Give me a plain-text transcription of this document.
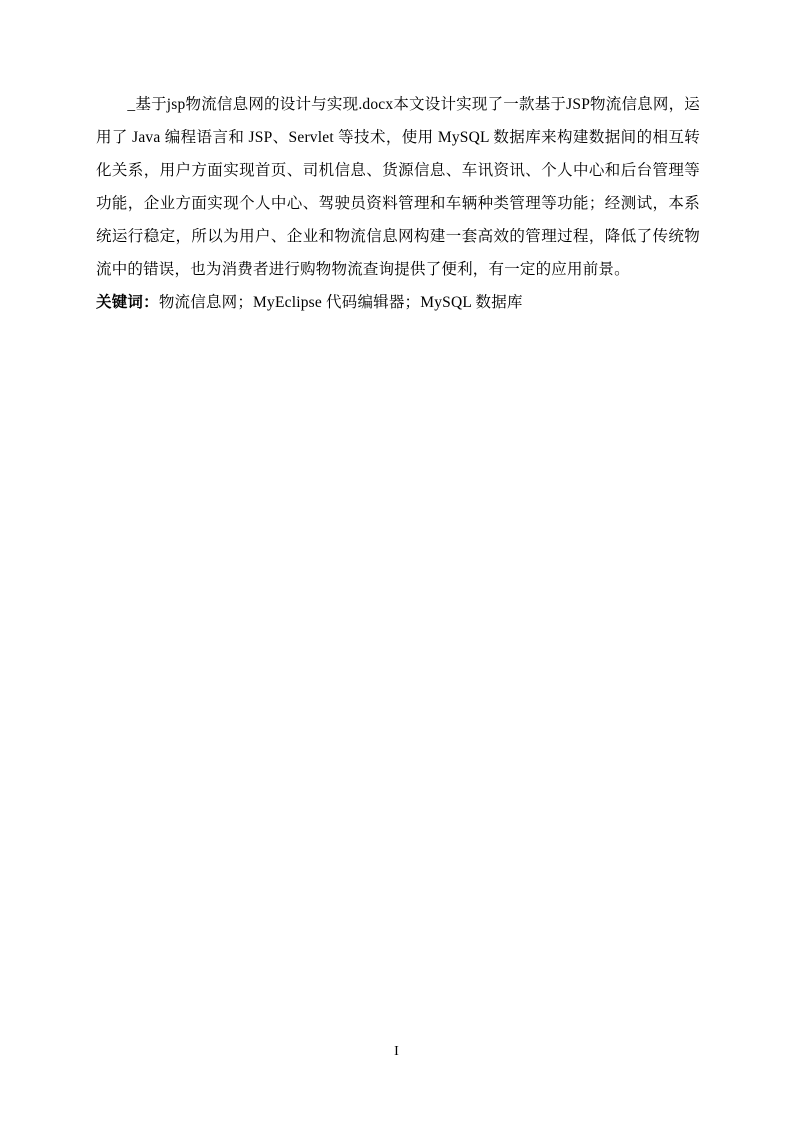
　　_基于jsp物流信息网的设计与实现.docx本文设计实现了一款基于JSP物流信息网，运用了 Java 编程语言和 JSP、Servlet 等技术，使用 MySQL 数据库来构建数据间的相互转化关系，用户方面实现首页、司机信息、货源信息、车讯资讯、个人中心和后台管理等功能，企业方面实现个人中心、驾驶员资料管理和车辆种类管理等功能；经测试，本系统运行稳定，所以为用户、企业和物流信息网构建一套高效的管理过程，降低了传统物流中的错误，也为消费者进行购物物流查询提供了便利，有一定的应用前景。

关键词：物流信息网；MyEclipse 代码编辑器；MySQL 数据库

I
